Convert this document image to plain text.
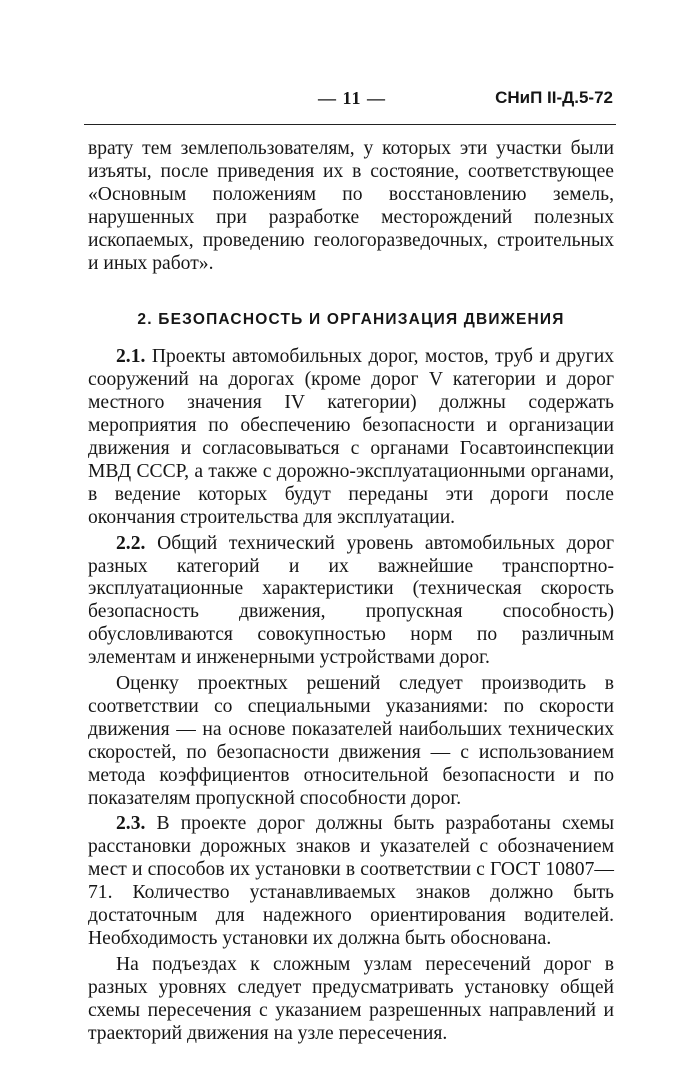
— 11 —	СНиП II-Д.5-72

врату тем землепользователям, у которых эти участки были изъяты, после приведения их в состояние, соответствующее «Основным положениям по восстановлению земель, нарушенных при разработке месторождений полезных ископаемых, проведению геологоразведочных, строительных и иных работ».

2. БЕЗОПАСНОСТЬ И ОРГАНИЗАЦИЯ ДВИЖЕНИЯ

2.1. Проекты автомобильных дорог, мостов, труб и других сооружений на дорогах (кроме дорог V категории и дорог местного значения IV категории) должны содержать мероприятия по обеспечению безопасности и организации движения и согласовываться с органами Госавтоинспекции МВД СССР, а также с дорожно-эксплуатационными органами, в ведение которых будут переданы эти дороги после окончания строительства для эксплуатации.

2.2. Общий технический уровень автомобильных дорог разных категорий и их важнейшие транспортно-эксплуатационные характеристики (техническая скорость безопасность движения, пропускная способность) обусловливаются совокупностью норм по различным элементам и инженерными устройствами дорог.

Оценку проектных решений следует производить в соответствии со специальными указаниями: по скорости движения — на основе показателей наибольших технических скоростей, по безопасности движения — с использованием метода коэффициентов относительной безопасности и по показателям пропускной способности дорог.

2.3. В проекте дорог должны быть разработаны схемы расстановки дорожных знаков и указателей с обозначением мест и способов их установки в соответствии с ГОСТ 10807—71. Количество устанавливаемых знаков должно быть достаточным для надежного ориентирования водителей. Необходимость установки их должна быть обоснована.

На подъездах к сложным узлам пересечений дорог в разных уровнях следует предусматривать установку общей схемы пересечения с указанием разрешенных направлений и траекторий движения на узле пересечения.
